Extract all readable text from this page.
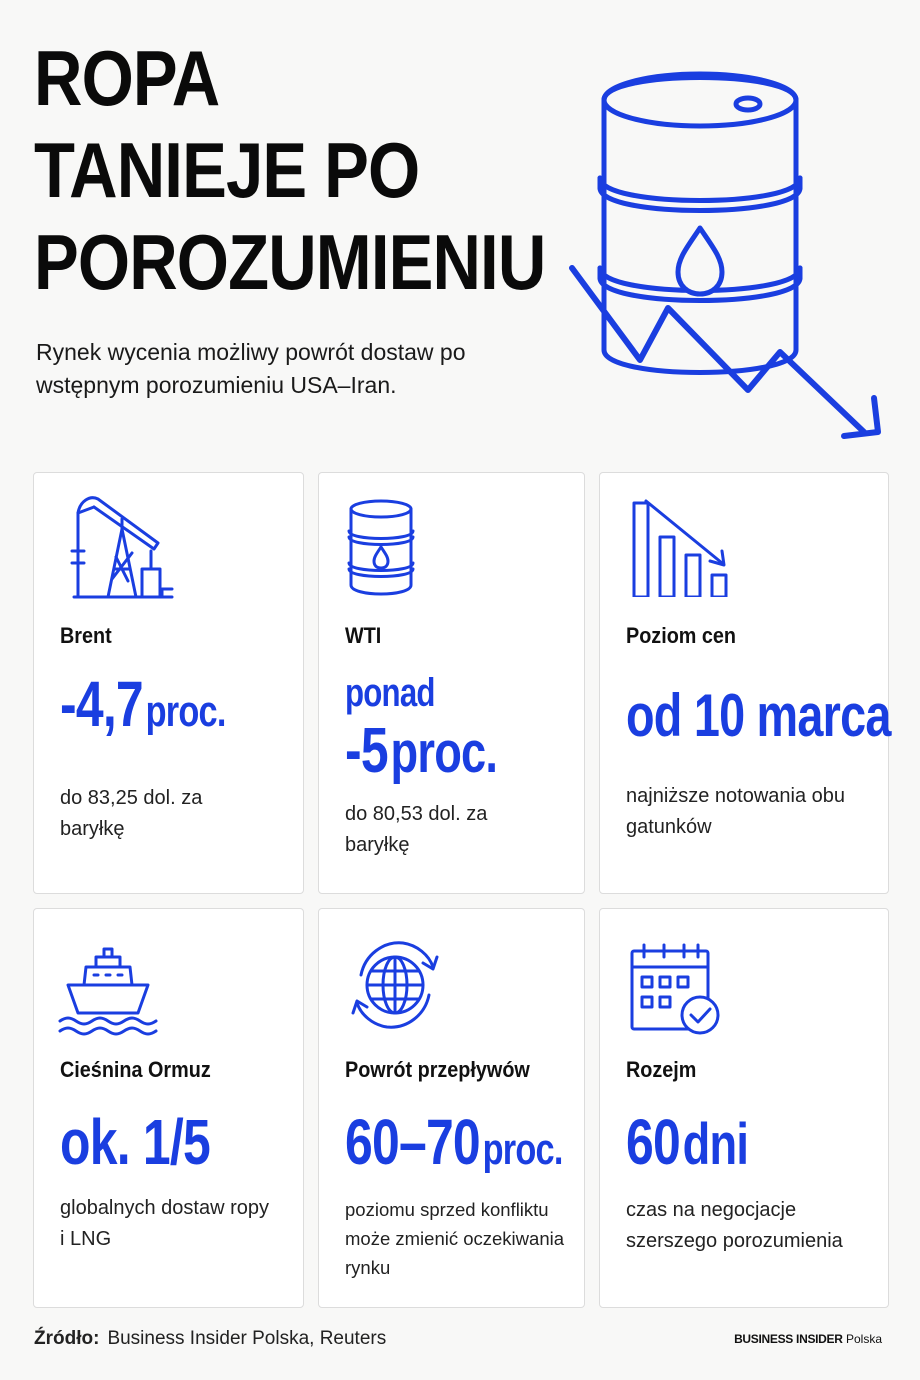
ROPA
TANIEJE PO
POROZUMIENIU
Rynek wycenia możliwy powrót dostaw po wstępnym porozumieniu USA–Iran.
Brent
-4,7 proc.
do 83,25 dol. za baryłkę
WTI
ponad
-5 proc.
do 80,53 dol. za baryłkę
Poziom cen
od 10 marca
najniższe notowania obu gatunków
Cieśnina Ormuz
ok. 1/5
globalnych dostaw ropy i LNG
Powrót przepływów
60–70 proc.
poziomu sprzed konfliktu może zmienić oczekiwania rynku
Rozejm
60 dni
czas na negocjacje szerszego porozumienia
Źródło: Business Insider Polska, Reuters	BUSINESS INSIDER Polska
